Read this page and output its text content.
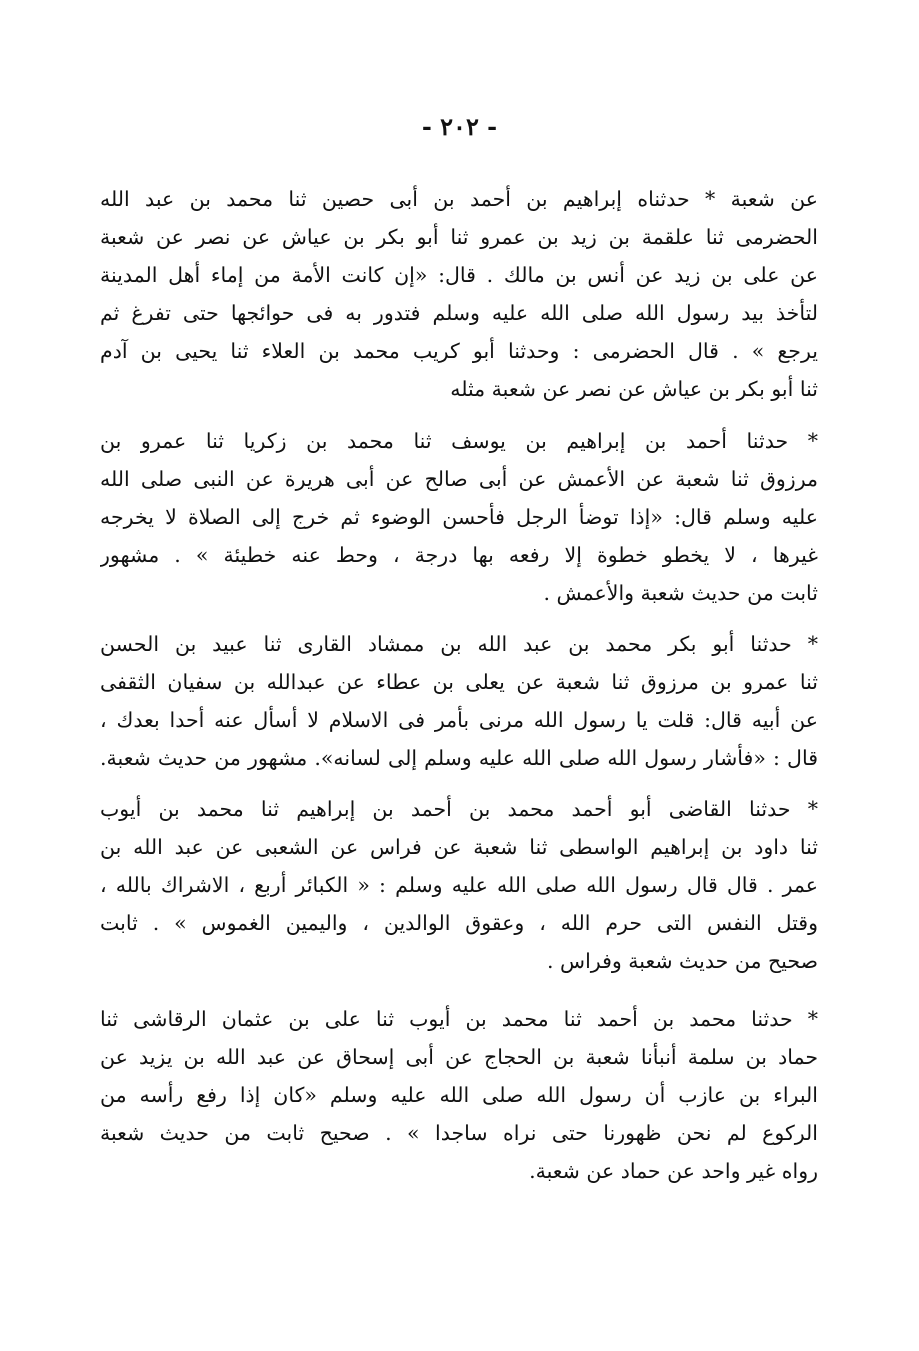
- ٢٠٢ -
عن شعبة * حدثناه إبراهيم بن أحمد بن أبى حصين ثنا محمد بن عبد الله
الحضرمى ثنا علقمة بن زيد بن عمرو ثنا أبو بكر بن عياش عن نصر عن شعبة
عن على بن زيد عن أنس بن مالك . قال: «إن كانت الأمة من إماء أهل المدينة
لتأخذ بيد رسول الله صلى الله عليه وسلم فتدور به فى حوائجها حتى تفرغ ثم
يرجع » . قال الحضرمى : وحدثنا أبو كريب محمد بن العلاء ثنا يحيى بن آدم
ثنا أبو بكر بن عياش عن نصر عن شعبة مثله
* حدثنا أحمد بن إبراهيم بن يوسف ثنا محمد بن زكريا ثنا عمرو بن
مرزوق ثنا شعبة عن الأعمش عن أبى صالح عن أبى هريرة عن النبى صلى الله
عليه وسلم قال: «إذا توضأ الرجل فأحسن الوضوء ثم خرج إلى الصلاة لا يخرجه
غيرها ، لا يخطو خطوة إلا رفعه بها درجة ، وحط عنه خطيئة » . مشهور
ثابت من حديث شعبة والأعمش .
* حدثنا أبو بكر محمد بن عبد الله بن ممشاد القارى ثنا عبيد بن الحسن
ثنا عمرو بن مرزوق ثنا شعبة عن يعلى بن عطاء عن عبدالله بن سفيان الثقفى
عن أبيه قال: قلت يا رسول الله مرنى بأمر فى الاسلام لا أسأل عنه أحدا بعدك ،
قال : «فأشار رسول الله صلى الله عليه وسلم إلى لسانه». مشهور من حديث شعبة.
* حدثنا القاضى أبو أحمد محمد بن أحمد بن إبراهيم ثنا محمد بن أيوب
ثنا داود بن إبراهيم الواسطى ثنا شعبة عن فراس عن الشعبى عن عبد الله بن
عمر . قال قال رسول الله صلى الله عليه وسلم : « الكبائر أربع ، الاشراك بالله ،
وقتل النفس التى حرم الله ، وعقوق الوالدين ، واليمين الغموس » . ثابت
صحيح من حديث شعبة وفراس .
* حدثنا محمد بن أحمد ثنا محمد بن أيوب ثنا على بن عثمان الرقاشى ثنا
حماد بن سلمة أنبأنا شعبة بن الحجاج عن أبى إسحاق عن عبد الله بن يزيد عن
البراء بن عازب أن رسول الله صلى الله عليه وسلم «كان إذا رفع رأسه من
الركوع لم نحن ظهورنا حتى نراه ساجدا » . صحيح ثابت من حديث شعبة
رواه غير واحد عن حماد عن شعبة.
